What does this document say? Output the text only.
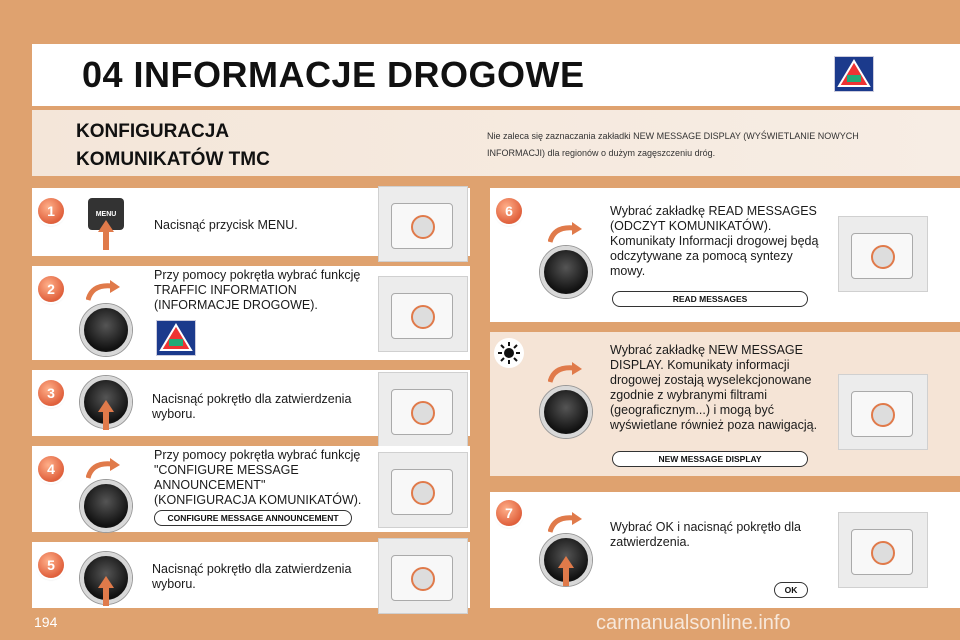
04 INFORMACJE DROGOWE
KONFIGURACJA
KOMUNIKATÓW TMC
Nie zaleca się zaznaczania zakładki NEW MESSAGE DISPLAY (WYŚWIETLANIE NOWYCH INFORMACJI) dla regionów o dużym zagęszczeniu dróg.
1	MENU
Nacisnąć przycisk MENU.
2
Przy pomocy pokrętła wybrać funkcję TRAFFIC INFORMATION (INFORMACJE DROGOWE).
3	Nacisnąć pokrętło dla zatwierdzenia wyboru.
4
Przy pomocy pokrętła wybrać funkcję "CONFIGURE MESSAGE ANNOUNCEMENT" (KONFIGURACJA KOMUNIKATÓW).
CONFIGURE MESSAGE ANNOUNCEMENT
5	Nacisnąć pokrętło dla zatwierdzenia wyboru.
6	Wybrać zakładkę READ MESSAGES (ODCZYT KOMUNIKATÓW). Komunikaty Informacji drogowej będą odczytywane za pomocą syntezy mowy.
READ MESSAGES
Wybrać zakładkę NEW MESSAGE DISPLAY. Komunikaty informacji drogowej zostają wyselekcjonowane zgodnie z wybranymi filtrami (geograficznym...) i mogą być wyświetlane również poza nawigacją.
NEW MESSAGE DISPLAY
7
Wybrać OK i nacisnąć pokrętło dla zatwierdzenia.
OK
194	carmanualsonline.info
